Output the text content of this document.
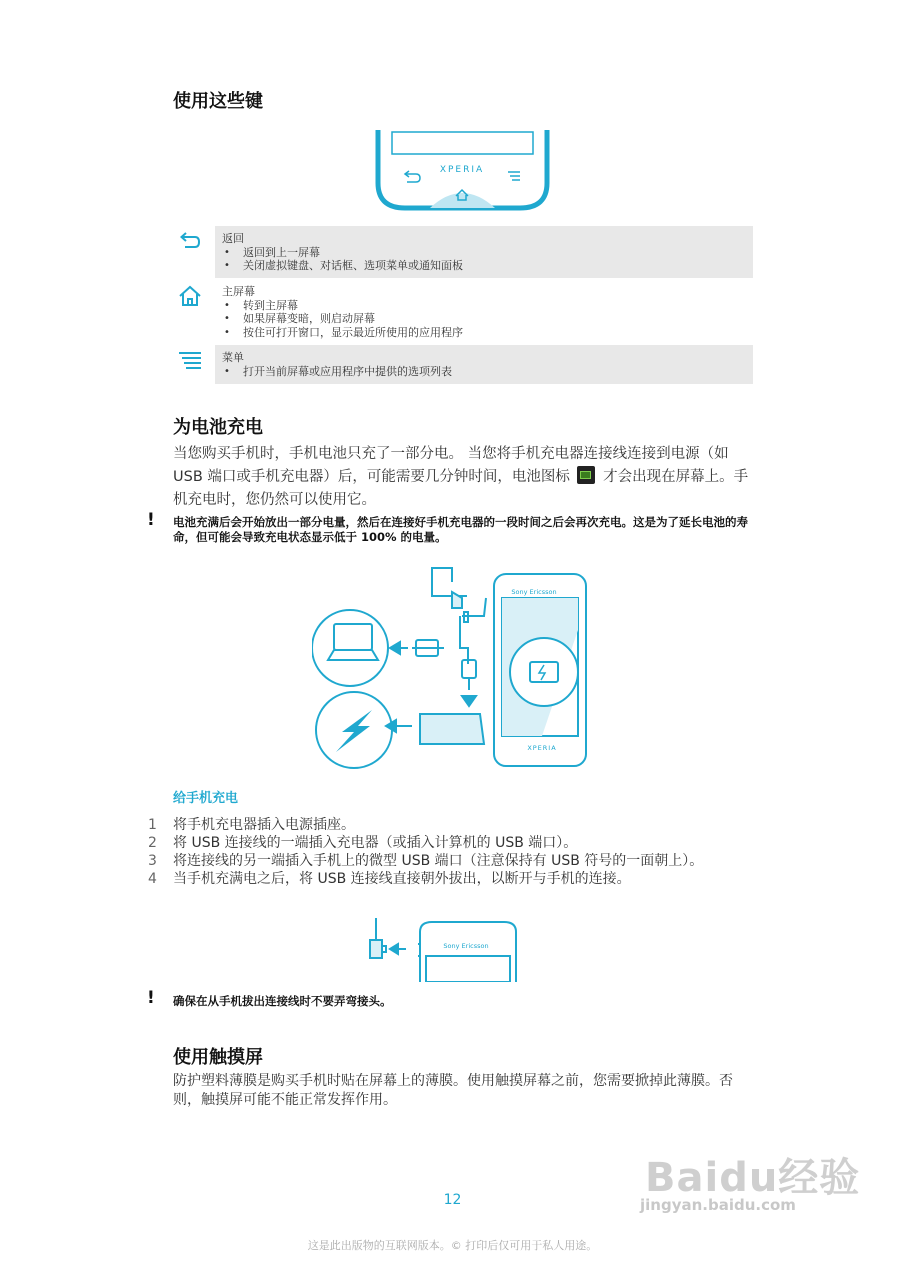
使用这些键
XPERIA
返回
• 返回到上一屏幕
• 关闭虚拟键盘、对话框、选项菜单或通知面板
主屏幕
• 转到主屏幕
• 如果屏幕变暗，则启动屏幕
• 按住可打开窗口，显示最近所使用的应用程序
菜单
• 打开当前屏幕或应用程序中提供的选项列表
为电池充电

当您购买手机时，手机电池只充了一部分电。 当您将手机充电器连接线连接到电源（如 USB 端口或手机充电器）后，可能需要几分钟时间，电池图标 才会出现在屏幕上。手机充电时，您仍然可以使用它。

! 电池充满后会开始放出一部分电量，然后在连接好手机充电器的一段时间之后会再次充电。这是为了延长电池的寿命，但可能会导致充电状态显示低于 100% 的电量。

Sony Ericsson
XPERIA
给手机充电
1 将手机充电器插入电源插座。
2 将 USB 连接线的一端插入充电器（或插入计算机的 USB 端口）。
3 将连接线的另一端插入手机上的微型 USB 端口（注意保持有 USB 符号的一面朝上）。
4 当手机充满电之后，将 USB 连接线直接朝外拔出，以断开与手机的连接。
Sony Ericsson
! 确保在从手机拔出连接线时不要弄弯接头。

使用触摸屏

防护塑料薄膜是购买手机时贴在屏幕上的薄膜。使用触摸屏幕之前，您需要掀掉此薄膜。否则，触摸屏可能不能正常发挥作用。

Baidu经验
jingyan.baidu.com
12
这是此出版物的互联网版本。© 打印后仅可用于私人用途。
